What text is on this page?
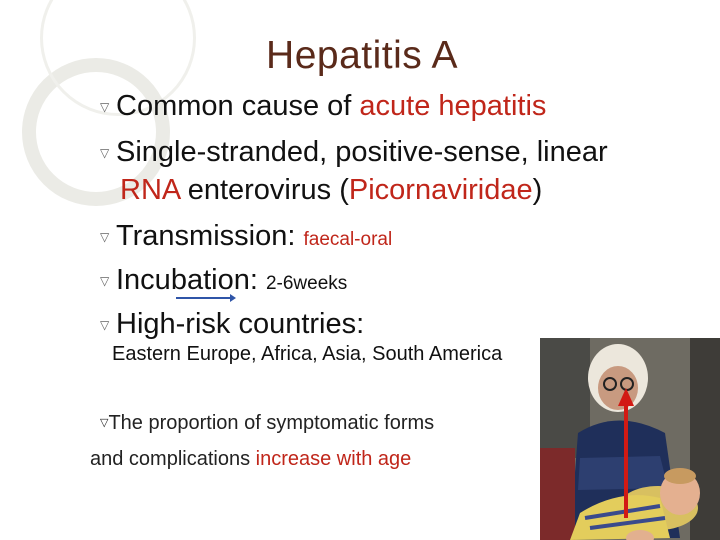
Hepatitis A
▽ Common cause of acute hepatitis
▽ Single-stranded, positive-sense, linear
RNA enterovirus (Picornaviridae)
▽ Transmission: faecal-oral
▽ Incubation: 2-6weeks
▽ High-risk countries:
Eastern Europe, Africa, Asia, South America
▽The proportion of symptomatic forms
and complications increase with age
